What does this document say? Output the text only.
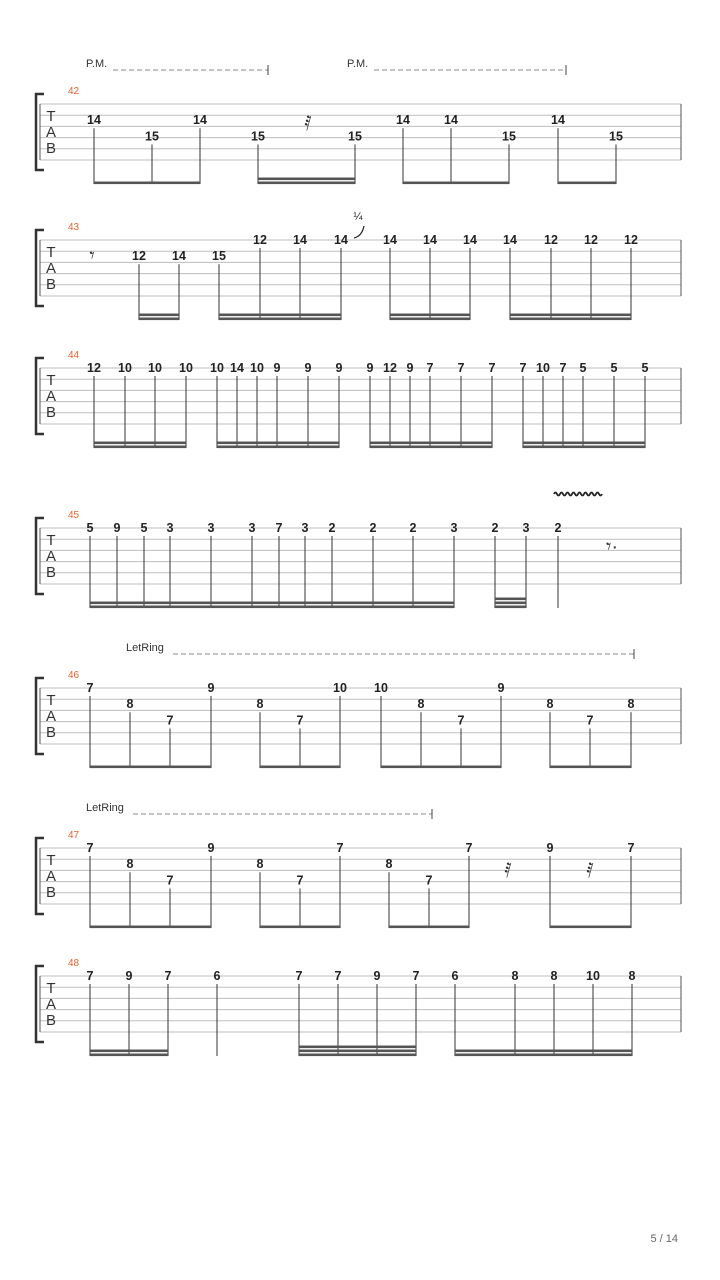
T
A
B
42
14
15
14
15	15
14	14
15
14
15
𝅀
P.M.	P.M.
T
A
B
43
12 14 15
12 14 14	14 14 14 14 12 12 12
𝄾
¼
T
A
B
44
12 10 10 10 10 14 10 9 9 9 9 12 9 7 7 7 7 10 7 5 5 5
T
A
B
45
5 9 5 3	3	3 7 3 2	2	2	3	2 3 2
𝄾·
T
A
B
46
7
8
7
9
8
7
10 10
8
7
9
8
7
8
LetRing
T
A
B
47
7
8
7
9
8
7
7
8
7
7	9	7
𝅀	𝅀
LetRing
T
A
B
48
7	9	7	6	7	7	9	7	6	8	8 10 8
5 / 14
